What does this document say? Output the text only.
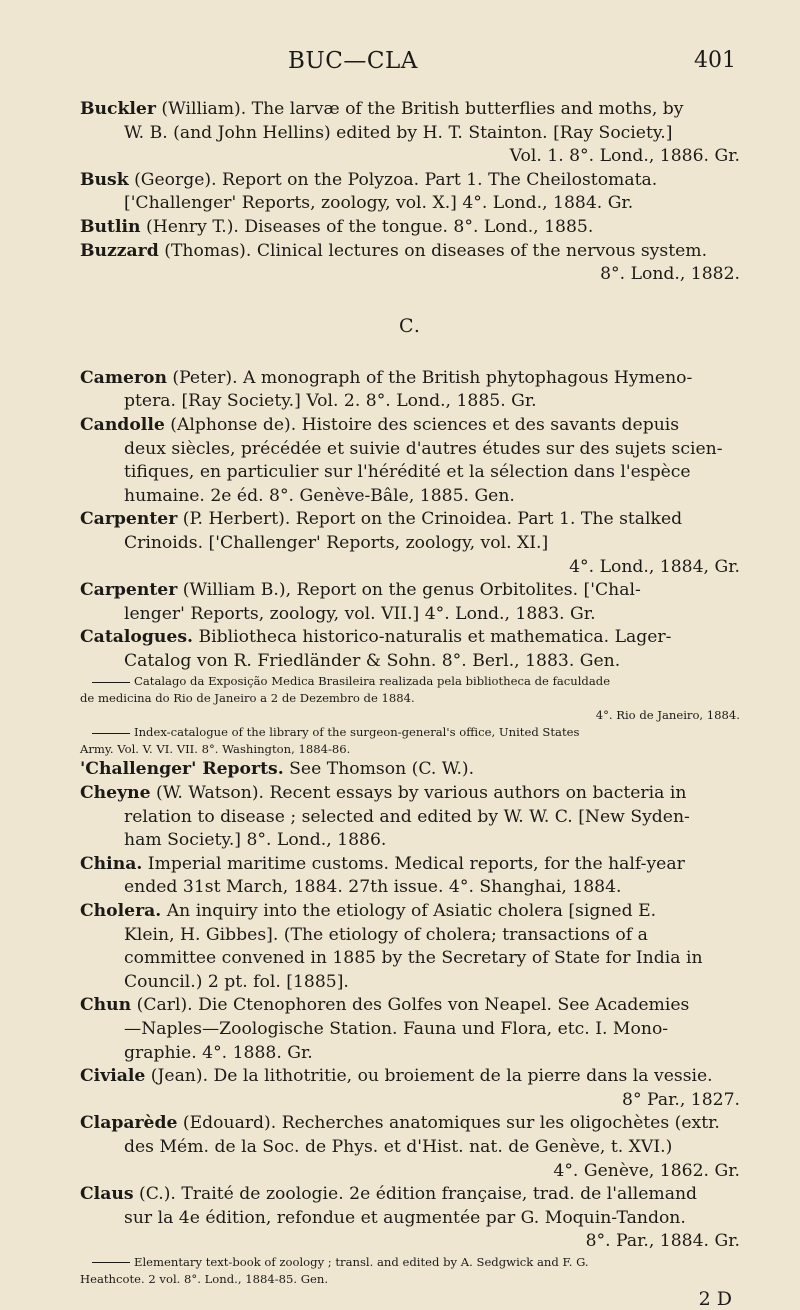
BUC—CLA	401
Buckler (William). The larvæ of the British butterflies and moths, by
W. B. (and John Hellins) edited by H. T. Stainton. [Ray Society.]
Vol. 1. 8°. Lond., 1886. Gr.
Busk (George). Report on the Polyzoa. Part 1. The Cheilostomata.
['Challenger' Reports, zoology, vol. X.] 4°. Lond., 1884. Gr.
Butlin (Henry T.). Diseases of the tongue. 8°. Lond., 1885.
Buzzard (Thomas). Clinical lectures on diseases of the nervous system.
8°. Lond., 1882.
C.
Cameron (Peter). A monograph of the British phytophagous Hymeno-
ptera. [Ray Society.] Vol. 2. 8°. Lond., 1885. Gr.
Candolle (Alphonse de). Histoire des sciences et des savants depuis
deux siècles, précédée et suivie d'autres études sur des sujets scien-
tifiques, en particulier sur l'hérédité et la sélection dans l'espèce
humaine. 2e éd. 8°. Genève-Bâle, 1885. Gen.
Carpenter (P. Herbert). Report on the Crinoidea. Part 1. The stalked
Crinoids. ['Challenger' Reports, zoology, vol. XI.]
4°. Lond., 1884, Gr.
Carpenter (William B.), Report on the genus Orbitolites. ['Chal-
lenger' Reports, zoology, vol. VII.] 4°. Lond., 1883. Gr.
Catalogues. Bibliotheca historico-naturalis et mathematica. Lager-
Catalog von R. Friedländer & Sohn. 8°. Berl., 1883. Gen.
Catalago da Exposição Medica Brasileira realizada pela bibliotheca de faculdade
de medicina do Rio de Janeiro a 2 de Dezembro de 1884.
4°. Rio de Janeiro, 1884.
Index-catalogue of the library of the surgeon-general's office, United States
Army. Vol. V. VI. VII. 8°. Washington, 1884-86.
'Challenger' Reports. See Thomson (C. W.).
Cheyne (W. Watson). Recent essays by various authors on bacteria in
relation to disease ; selected and edited by W. W. C. [New Syden-
ham Society.] 8°. Lond., 1886.
China. Imperial maritime customs. Medical reports, for the half-year
ended 31st March, 1884. 27th issue. 4°. Shanghai, 1884.
Cholera. An inquiry into the etiology of Asiatic cholera [signed E.
Klein, H. Gibbes]. (The etiology of cholera; transactions of a
committee convened in 1885 by the Secretary of State for India in
Council.) 2 pt. fol. [1885].
Chun (Carl). Die Ctenophoren des Golfes von Neapel. See Academies
—Naples—Zoologische Station. Fauna und Flora, etc. I. Mono-
graphie. 4°. 1888. Gr.
Civiale (Jean). De la lithotritie, ou broiement de la pierre dans la vessie.
8° Par., 1827.
Claparède (Edouard). Recherches anatomiques sur les oligochètes (extr.
des Mém. de la Soc. de Phys. et d'Hist. nat. de Genève, t. XVI.)
4°. Genève, 1862. Gr.
Claus (C.). Traité de zoologie. 2e édition française, trad. de l'allemand
sur la 4e édition, refondue et augmentée par G. Moquin-Tandon.
8°. Par., 1884. Gr.
Elementary text-book of zoology ; transl. and edited by A. Sedgwick and F. G.
Heathcote. 2 vol. 8°. Lond., 1884-85. Gen.
2 D
